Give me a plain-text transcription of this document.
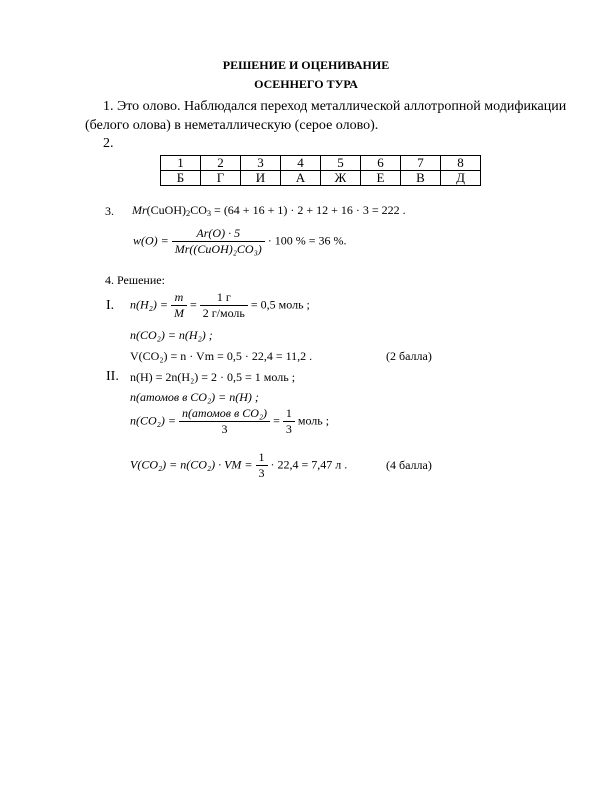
РЕШЕНИЕ И ОЦЕНИВАНИЕ
ОСЕННЕГО ТУРА
1. Это олово. Наблюдался переход металлической аллотропной модификации
(белого олова) в неметаллическую (серое олово).
2.
1	2	3	4	5	6	7	8
Б	Г	И	А	Ж	Е	В	Д
3. $Mr(CuOH)_2CO_3 = (64 + 16 + 1) \cdot 2 + 12 + 16 \cdot 3 = 222$ .
$w(O) = \frac{Ar(O) \cdot 5}{\text{Mr((CuOH)₂CO₃)}} \cdot 100$ % = 36 %.
4. Решение:
I. $n(H_2) = \frac{m}{M} = \frac{1 г}{\text{2 г/моль}} = 0,5$ моль ;
n(CO₂) = n(H₂) ;
V(CO₂) = n · Vm = 0,5 · 22,4 = 11,2 .	(2 балла)
II. n(H) = 2n(H₂) = 2 · 0,5 = 1 моль ;
n(атомов в CO₂) = n(H) ;
$n(CO_2) = \frac{\text{n(атомов в CO₂)}}{3} = \frac{1}{3}$ моль ;
V(CO₂) = n(CO₂) · VM = $\frac{1}{3} \cdot 22,4 = 7,47$ л .	(4 балла)
